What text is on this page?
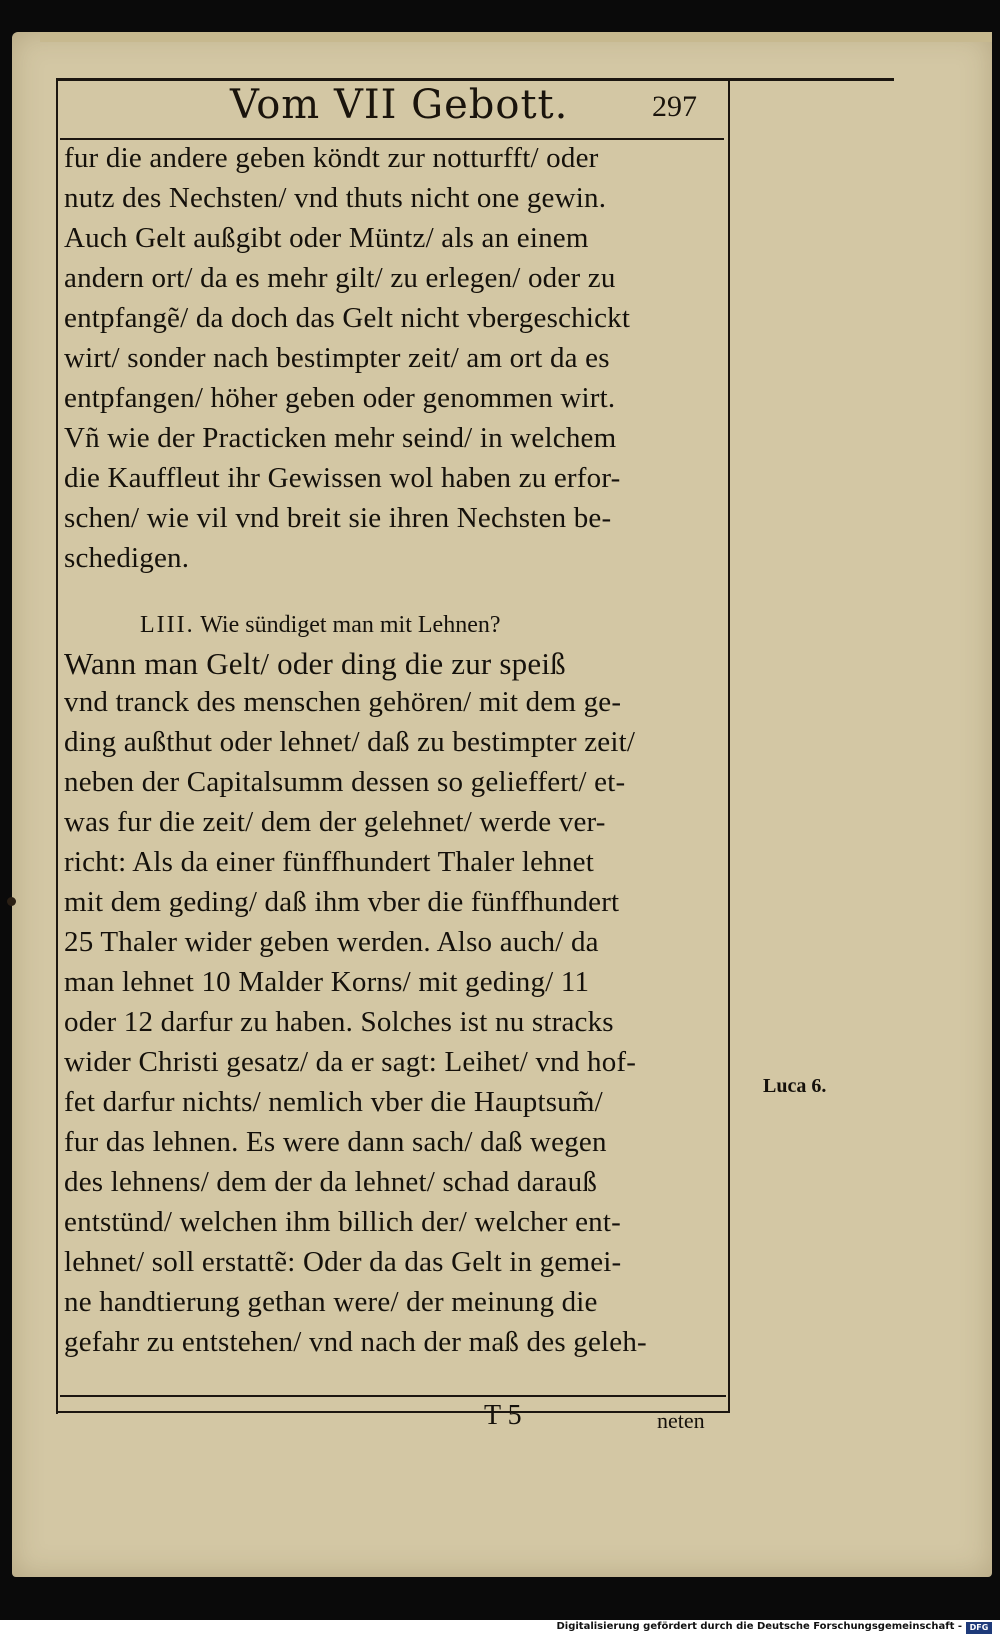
Vom VII Gebott.	297
fur die andere geben köndt zur notturfft/ oder
nutz des Nechsten/ vnd thuts nicht one gewin.
Auch Gelt außgibt oder Müntz/ als an einem
andern ort/ da es mehr gilt/ zu erlegen/ oder zu
entpfangẽ/ da doch das Gelt nicht vbergeschickt
wirt/ sonder nach bestimpter zeit/ am ort da es
entpfangen/ höher geben oder genommen wirt.
Vñ wie der Practicken mehr seind/ in welchem
die Kauffleut ihr Gewissen wol haben zu erfor-
schen/ wie vil vnd breit sie ihren Nechsten be-
schedigen.
LIII. Wie sündiget man mit Lehnen?
Wann man Gelt/ oder ding die zur speiß
vnd tranck des menschen gehören/ mit dem ge-
ding außthut oder lehnet/ daß zu bestimpter zeit/
neben der Capitalsumm dessen so gelieffert/ et-
was fur die zeit/ dem der gelehnet/ werde ver-
richt: Als da einer fünffhundert Thaler lehnet
mit dem geding/ daß ihm vber die fünffhundert
25 Thaler wider geben werden. Also auch/ da
man lehnet 10 Malder Korns/ mit geding/ 11
oder 12 darfur zu haben. Solches ist nu stracks
wider Christi gesatz/ da er sagt: Leihet/ vnd hof-
fet darfur nichts/ nemlich vber die Hauptsum̃/
fur das lehnen. Es were dann sach/ daß wegen
des lehnens/ dem der da lehnet/ schad darauß
entstünd/ welchen ihm billich der/ welcher ent-
lehnet/ soll erstattẽ: Oder da das Gelt in gemei-
ne handtierung gethan were/ der meinung die
gefahr zu entstehen/ vnd nach der maß des geleh-
Luca 6.
T 5	neten
Digitalisierung gefördert durch die Deutsche Forschungsgemeinschaft - DFG
